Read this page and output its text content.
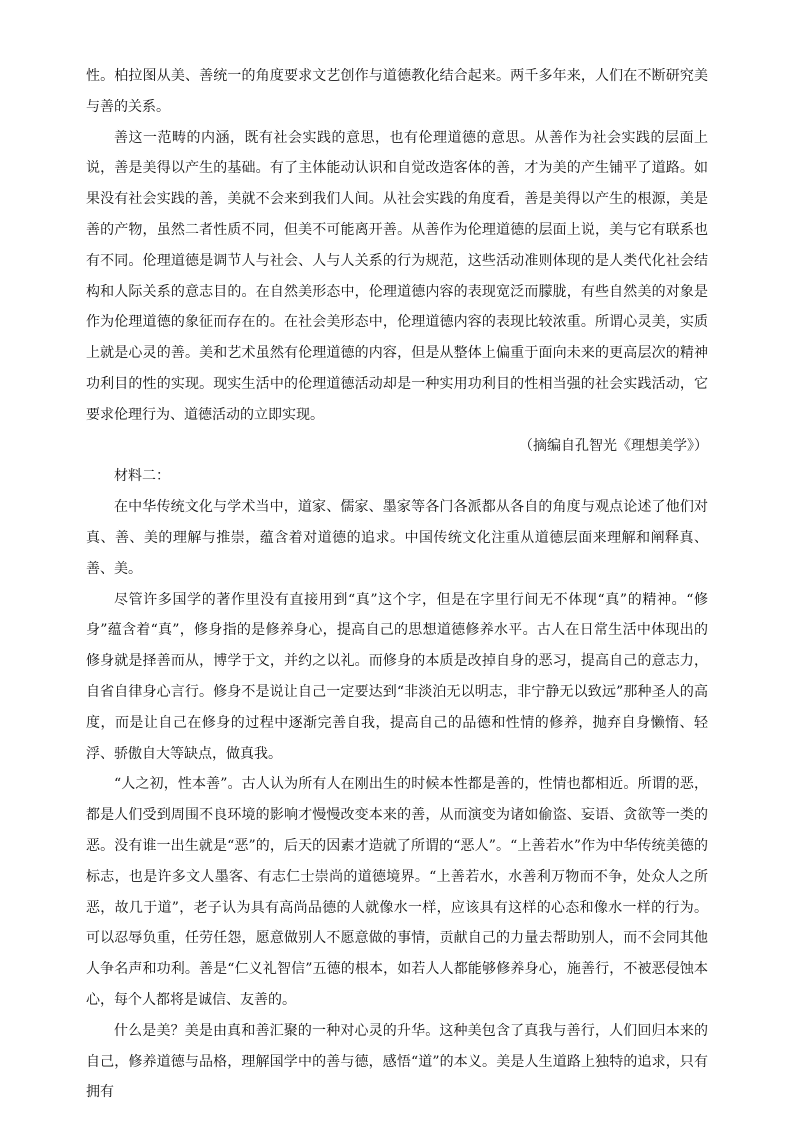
性。柏拉图从美、善统一的角度要求文艺创作与道德教化结合起来。两千多年来，人们在不断研究美与善的关系。

善这一范畴的内涵，既有社会实践的意思，也有伦理道德的意思。从善作为社会实践的层面上说，善是美得以产生的基础。有了主体能动认识和自觉改造客体的善，才为美的产生铺平了道路。如果没有社会实践的善，美就不会来到我们人间。从社会实践的角度看，善是美得以产生的根源，美是善的产物，虽然二者性质不同，但美不可能离开善。从善作为伦理道德的层面上说，美与它有联系也有不同。伦理道德是调节人与社会、人与人关系的行为规范，这些活动准则体现的是人类代化社会结构和人际关系的意志目的。在自然美形态中，伦理道德内容的表现宽泛而朦胧，有些自然美的对象是作为伦理道德的象征而存在的。在社会美形态中，伦理道德内容的表现比较浓重。所谓心灵美，实质上就是心灵的善。美和艺术虽然有伦理道德的内容，但是从整体上偏重于面向未来的更高层次的精神功利目的性的实现。现实生活中的伦理道德活动却是一种实用功利目的性相当强的社会实践活动，它要求伦理行为、道德活动的立即实现。

（摘编自孔智光《理想美学》）

材料二：

在中华传统文化与学术当中，道家、儒家、墨家等各门各派都从各自的角度与观点论述了他们对真、善、美的理解与推崇，蕴含着对道德的追求。中国传统文化注重从道德层面来理解和阐释真、善、美。

尽管许多国学的著作里没有直接用到“真”这个字，但是在字里行间无不体现“真”的精神。“修身”蕴含着“真”，修身指的是修养身心，提高自己的思想道德修养水平。古人在日常生活中体现出的修身就是择善而从，博学于文，并约之以礼。而修身的本质是改掉自身的恶习，提高自己的意志力，自省自律身心言行。修身不是说让自己一定要达到“非淡泊无以明志，非宁静无以致远”那种圣人的高度，而是让自己在修身的过程中逐渐完善自我，提高自己的品德和性情的修养，抛弃自身懒惰、轻浮、骄傲自大等缺点，做真我。

“人之初，性本善”。古人认为所有人在刚出生的时候本性都是善的，性情也都相近。所谓的恶，都是人们受到周围不良环境的影响才慢慢改变本来的善，从而演变为诸如偷盗、妄语、贪欲等一类的恶。没有谁一出生就是“恶”的，后天的因素才造就了所谓的“恶人”。“上善若水”作为中华传统美德的标志，也是许多文人墨客、有志仁士崇尚的道德境界。“上善若水，水善利万物而不争，处众人之所恶，故几于道”，老子认为具有高尚品德的人就像水一样，应该具有这样的心态和像水一样的行为。可以忍辱负重，任劳任怨，愿意做别人不愿意做的事情，贡献自己的力量去帮助别人，而不会同其他人争名声和功利。善是“仁义礼智信”五德的根本，如若人人都能够修养身心，施善行，不被恶侵蚀本心，每个人都将是诚信、友善的。

什么是美？美是由真和善汇聚的一种对心灵的升华。这种美包含了真我与善行，人们回归本来的自己，修养道德与品格，理解国学中的善与德，感悟“道”的本义。美是人生道路上独特的追求，只有拥有
